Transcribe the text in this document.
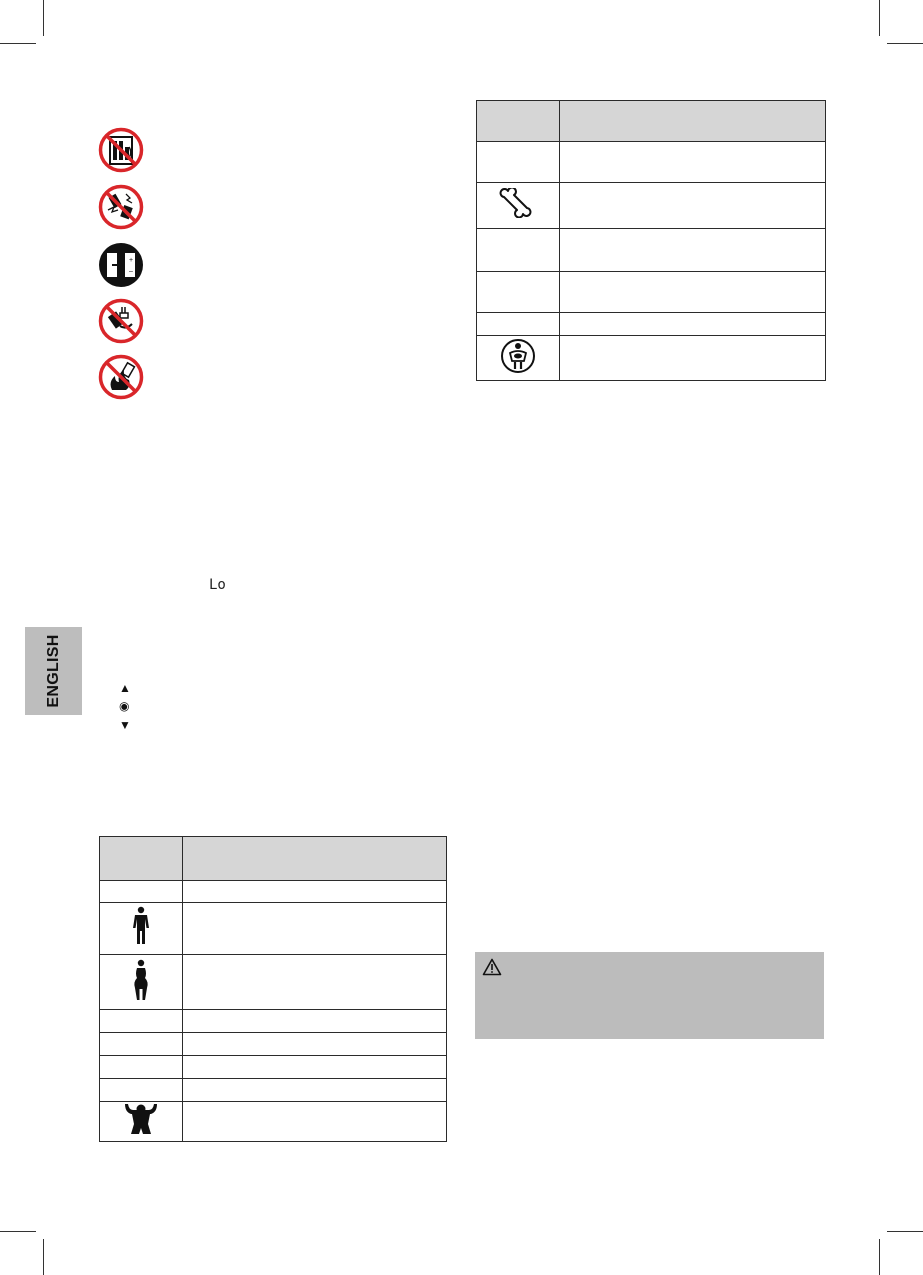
+
–
Lo
ENGLISH	▲
◉
▼
